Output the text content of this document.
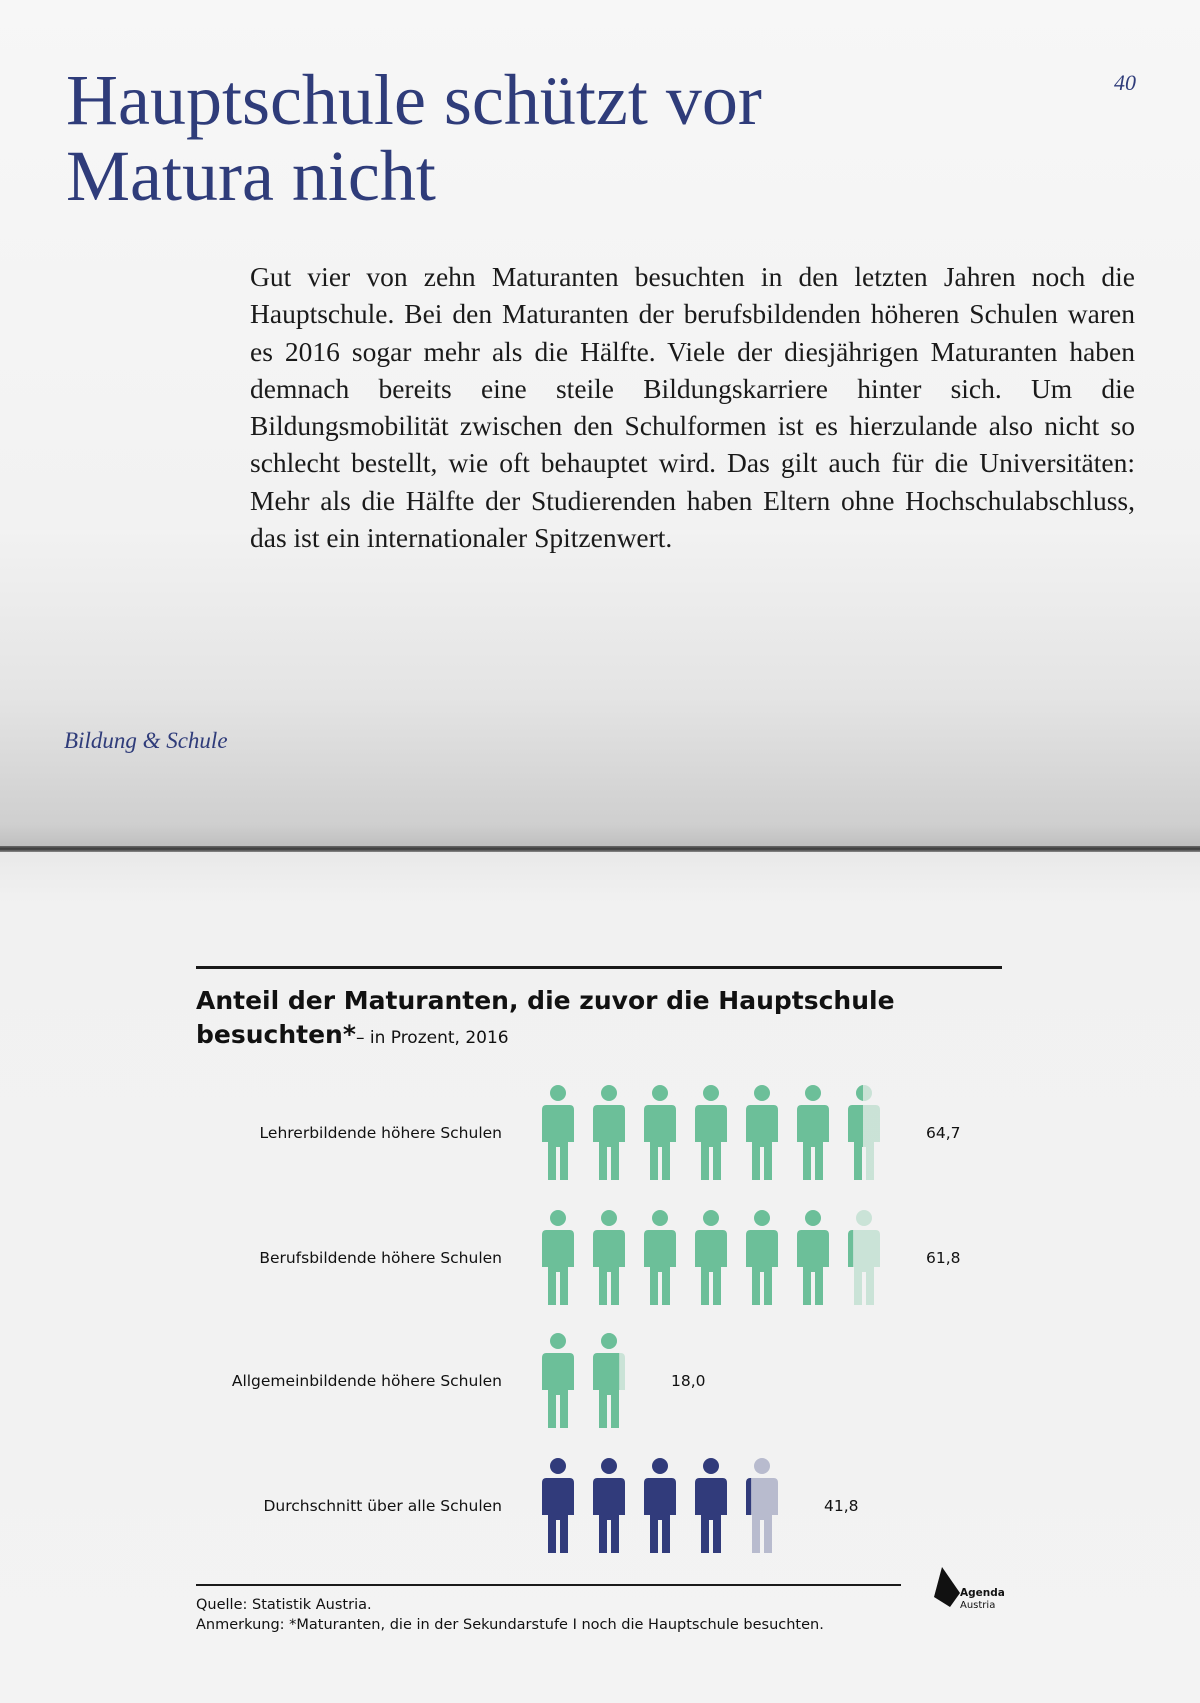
Hauptschule schützt vor Matura nicht
40

Gut vier von zehn Maturanten besuchten in den letzten Jahren noch die Hauptschule. Bei den Maturanten der berufsbildenden höheren Schulen waren es 2016 sogar mehr als die Hälfte. Viele der diesjährigen Maturanten haben demnach bereits eine steile Bildungskarriere hinter sich. Um die Bildungsmobilität zwischen den Schulformen ist es hierzulande also nicht so schlecht bestellt, wie oft behauptet wird. Das gilt auch für die Universitäten: Mehr als die Hälfte der Studierenden haben Eltern ohne Hochschulabschluss, das ist ein internationaler Spitzenwert.

Bildung & Schule
Anteil der Maturanten, die zuvor die Hauptschule besuchten*– in Prozent, 2016
Lehrerbildende höhere Schulen	64,7
Berufsbildende höhere Schulen	61,8
Allgemeinbildende höhere Schulen	18,0
Durchschnitt über alle Schulen	41,8
Quelle: Statistik Austria.
Anmerkung: *Maturanten, die in der Sekundarstufe I noch die Hauptschule besuchten.
Agenda
Austria
